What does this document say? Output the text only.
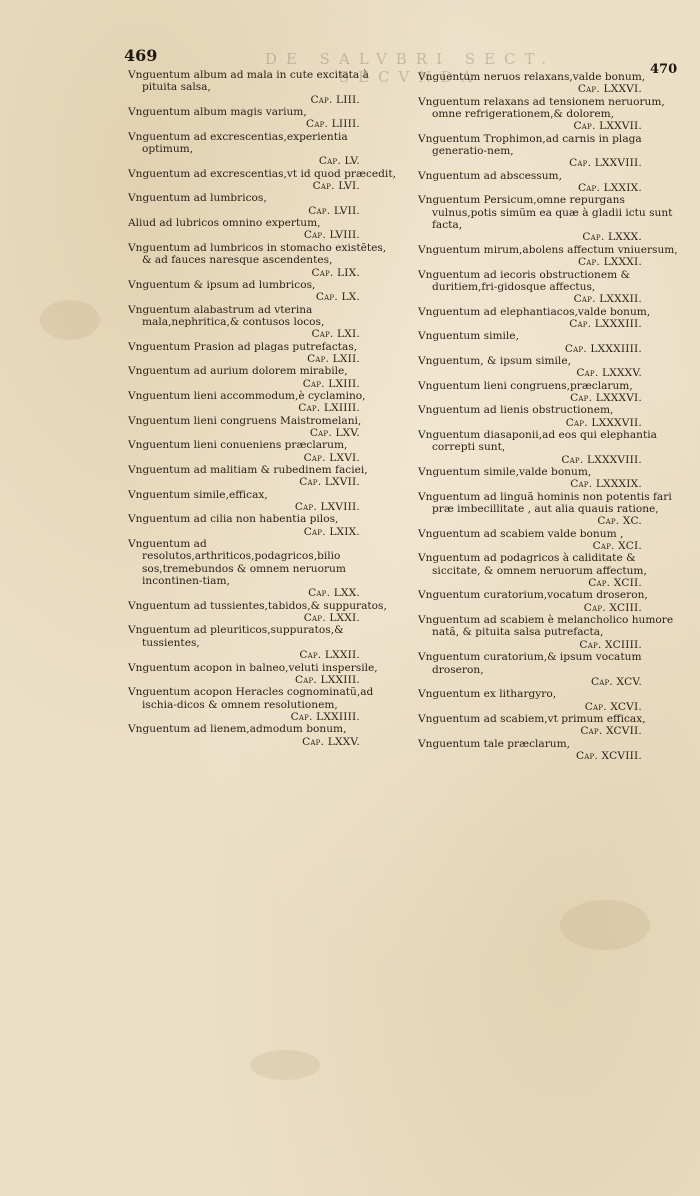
DE SALVBRI SECT. SECVNDA
469
470
Vnguentum album ad mala in cute excitata à pituita salsa,
Cap. LIII.
Vnguentum album magis varium,
Cap. LIIII.
Vnguentum ad excrescentias,experientia optimum,
Cap. LV.
Vnguentum ad excrescentias,vt id quod præcedit,
Cap. LVI.
Vnguentum ad lumbricos,
Cap. LVII.
Aliud ad lubricos omnino expertum,
Cap. LVIII.
Vnguentum ad lumbricos in stomacho existẽtes, & ad fauces naresque ascendentes,
Cap. LIX.
Vnguentum & ipsum ad lumbricos,
Cap. LX.
Vnguentum alabastrum ad vterina mala,nephritica,& contusos locos,
Cap. LXI.
Vnguentum Prasion ad plagas putrefactas,
Cap. LXII.
Vnguentum ad aurium dolorem mirabile,
Cap. LXIII.
Vnguentum lieni accommodum,è cyclamino,
Cap. LXIIII.
Vnguentum lieni congruens Maistromelani,
Cap. LXV.
Vnguentum lieni conueniens præclarum,
Cap. LXVI.
Vnguentum ad malitiam & rubedinem faciei,
Cap. LXVII.
Vnguentum simile,efficax,
Cap. LXVIII.
Vnguentum ad cilia non habentia pilos,
Cap. LXIX.
Vnguentum ad resolutos,arthriticos,podagricos,bilio sos,tremebundos & omnem neruorum incontinen-tiam,
Cap. LXX.
Vnguentum ad tussientes,tabidos,& suppuratos,
Cap. LXXI.
Vnguentum ad pleuriticos,suppuratos,& tussientes,
Cap. LXXII.
Vnguentum acopon in balneo,veluti inspersile,
Cap. LXXIII.
Vnguentum acopon Heracles cognominatũ,ad ischia-dicos & omnem resolutionem,
Cap. LXXIIII.
Vnguentum ad lienem,admodum bonum,
Cap. LXXV.
Vnguentum neruos relaxans,valde bonum,
Cap. LXXVI.
Vnguentum relaxans ad tensionem neruorum, omne refrigerationem,& dolorem,
Cap. LXXVII.
Vnguentum Trophimon,ad carnis in plaga generatio-nem,
Cap. LXXVIII.
Vnguentum ad abscessum,
Cap. LXXIX.
Vnguentum Persicum,omne repurgans vulnus,potis simũm ea quæ à gladii ictu sunt facta,
Cap. LXXX.
Vnguentum mirum,abolens affectum vniuersum,
Cap. LXXXI.
Vnguentum ad iecoris obstructionem & duritiem,fri-gidosque affectus,
Cap. LXXXII.
Vnguentum ad elephantiacos,valde bonum,
Cap. LXXXIII.
Vnguentum simile,
Cap. LXXXIIII.
Vnguentum, & ipsum simile,
Cap. LXXXV.
Vnguentum lieni congruens,præclarum,
Cap. LXXXVI.
Vnguentum ad lienis obstructionem,
Cap. LXXXVII.
Vnguentum diasaponii,ad eos qui elephantia correpti sunt,
Cap. LXXXVIII.
Vnguentum simile,valde bonum,
Cap. LXXXIX.
Vnguentum ad linguã hominis non potentis fari præ imbecillitate , aut alia quauis ratione,
Cap. XC.
Vnguentum ad scabiem valde bonum ,
Cap. XCI.
Vnguentum ad podagricos à caliditate & siccitate, & omnem neruorum affectum,
Cap. XCII.
Vnguentum curatorium,vocatum droseron,
Cap. XCIII.
Vnguentum ad scabiem è melancholico humore natã, & pituita salsa putrefacta,
Cap. XCIIII.
Vnguentum curatorium,& ipsum vocatum droseron,
Cap. XCV.
Vnguentum ex lithargyro,
Cap. XCVI.
Vnguentum ad scabiem,vt primum efficax,
Cap. XCVII.
Vnguentum tale præclarum,
Cap. XCVIII.
